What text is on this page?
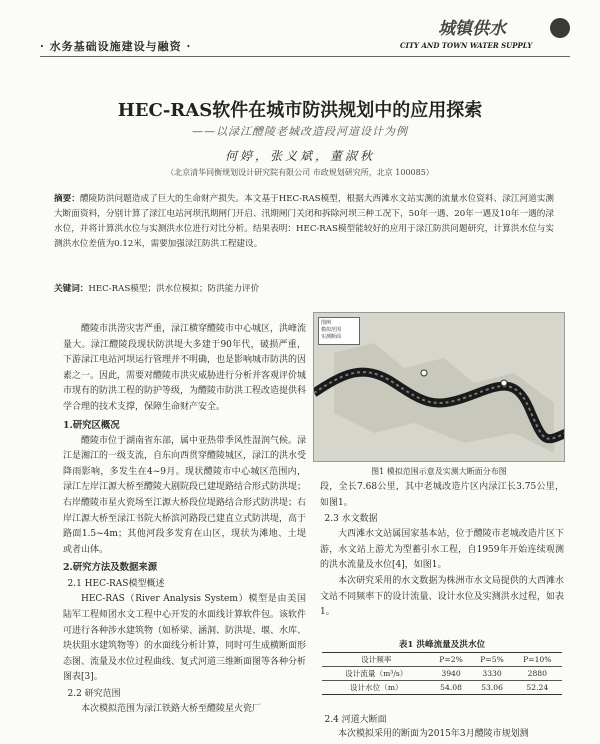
· 水务基础设施建设与融资 ·
城镇供水
CITY AND TOWN WATER SUPPLY
HEC-RAS软件在城市防洪规划中的应用探索
——以渌江醴陵老城改造段河道设计为例
何婷，张义斌，董淑秋
（北京清华同衡规划设计研究院有限公司 市政规划研究所，北京 100085）
摘要：醴陵防洪问题造成了巨大的生命财产损失。本文基于HEC-RAS模型，根据大西滩水文站实测的流量水位资料、渌江河道实测大断面资料，分别计算了渌江电站河坝汛期闸门开启、汛期闸门关闭和拆除河坝三种工况下，50年一遇、20年一遇及10年一遇的渌水位，并将计算洪水位与实测洪水位进行对比分析。结果表明：HEC-RAS模型能较好的应用于渌江防洪问题研究，计算洪水位与实测洪水位差值为0.12米，需要加强渌江防洪工程建设。
关键词：HEC-RAS模型；洪水位模拟；防洪能力评价

醴陵市洪涝灾害严重，渌江横穿醴陵市中心城区，洪峰流量大。渌江醴陵段现状防洪堤大多建于90年代，破损严重，下游渌江电站河坝运行管理并不明确，也是影响城市防洪的因素之一。因此，需要对醴陵市洪灾威胁进行分析并客观评价城市现有的防洪工程的防护等级，为醴陵市防洪工程改造提供科学合理的技术支撑，保障生命财产安全。

1.研究区概况

醴陵市位于湖南省东部，属中亚热带季风性湿润气候。渌江是湘江的一级支流，自东向西贯穿醴陵城区，渌江的洪水受降雨影响，多发生在4~9月。现状醴陵市中心城区范围内，渌江左岸江源大桥至醴陵大剧院段已建堤路结合形式防洪堤；右岸醴陵市星火瓷场至江源大桥段位堤路结合形式防洪堤；右岸江源大桥至渌江书院大桥滨河路段已建直立式防洪堤，高于路面1.5~4m；其他河段多发育在山区，现状为滩地、土堤或者山体。

2.研究方法及数据来源
2.1 HEC-RAS模型概述

HEC-RAS（River Analysis System）模型是由美国陆军工程师团水文工程中心开发的水面线计算软件包。该软件可进行各种涉水建筑物（如桥梁、涵洞、防洪堤、堰、水库、块状阻水建筑物等）的水面线分析计算，同时可生成横断面形态图、流量及水位过程曲线、复式河道三维断面图等各种分析图表[3]。

2.2 研究范围

本次模拟范围为渌江铁路大桥至醴陵星火瓷厂

图例
模拟范围
实测断面
图1 模拟范围示意及实测大断面分布图

段，全长7.68公里，其中老城改造片区内渌江长3.75公里，如图1。

2.3 水文数据

大西滩水文站属国家基本站，位于醴陵市老城改造片区下游，水文站上游尤为型蓄引水工程，自1959年开始连续观测的洪水流量及水位[4]，如图1。

本次研究采用的水文数据为株洲市水文局提供的大西滩水文站不同频率下的设计流量、设计水位及实测洪水过程，如表1。

表1 洪峰流量及洪水位
设计频率	P=2%	P=5%	P=10%
设计流量（m³/s）	3940	3330	2880
设计水位（m）	54.08	53.06	52.24
2.4 河道大断面

本次模拟采用的断面为2015年3月醴陵市规划测
